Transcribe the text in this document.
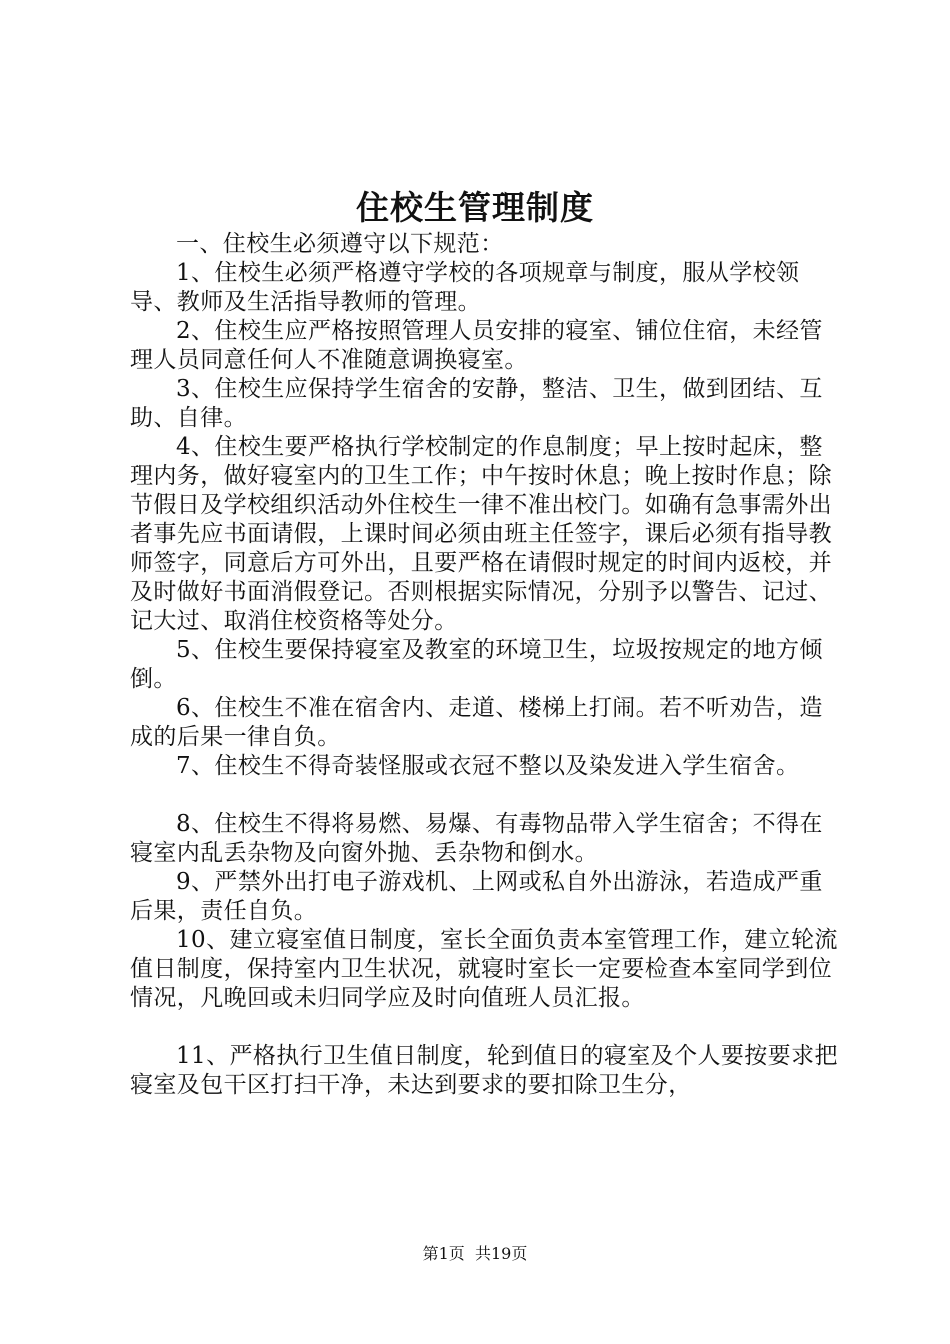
住校生管理制度

一、住校生必须遵守以下规范：

1、住校生必须严格遵守学校的各项规章与制度，服从学校领导、教师及生活指导教师的管理。

2、住校生应严格按照管理人员安排的寝室、铺位住宿，未经管理人员同意任何人不准随意调换寝室。

3、住校生应保持学生宿舍的安静，整洁、卫生，做到团结、互助、自律。

4、住校生要严格执行学校制定的作息制度；早上按时起床，整理内务，做好寝室内的卫生工作；中午按时休息；晚上按时作息；除节假日及学校组织活动外住校生一律不准出校门。如确有急事需外出者事先应书面请假，上课时间必须由班主任签字，课后必须有指导教师签字，同意后方可外出，且要严格在请假时规定的时间内返校，并及时做好书面消假登记。否则根据实际情况，分别予以警告、记过、记大过、取消住校资格等处分。

5、住校生要保持寝室及教室的环境卫生，垃圾按规定的地方倾倒。

6、住校生不准在宿舍内、走道、楼梯上打闹。若不听劝告，造成的后果一律自负。

7、住校生不得奇装怪服或衣冠不整以及染发进入学生宿舍。

8、住校生不得将易燃、易爆、有毒物品带入学生宿舍；不得在寝室内乱丢杂物及向窗外抛、丢杂物和倒水。

9、严禁外出打电子游戏机、上网或私自外出游泳，若造成严重后果，责任自负。

10、建立寝室值日制度，室长全面负责本室管理工作，建立轮流值日制度，保持室内卫生状况，就寝时室长一定要检查本室同学到位情况，凡晚回或未归同学应及时向值班人员汇报。

11、严格执行卫生值日制度，轮到值日的寝室及个人要按要求把寝室及包干区打扫干净，未达到要求的要扣除卫生分，

第1页 共19页
